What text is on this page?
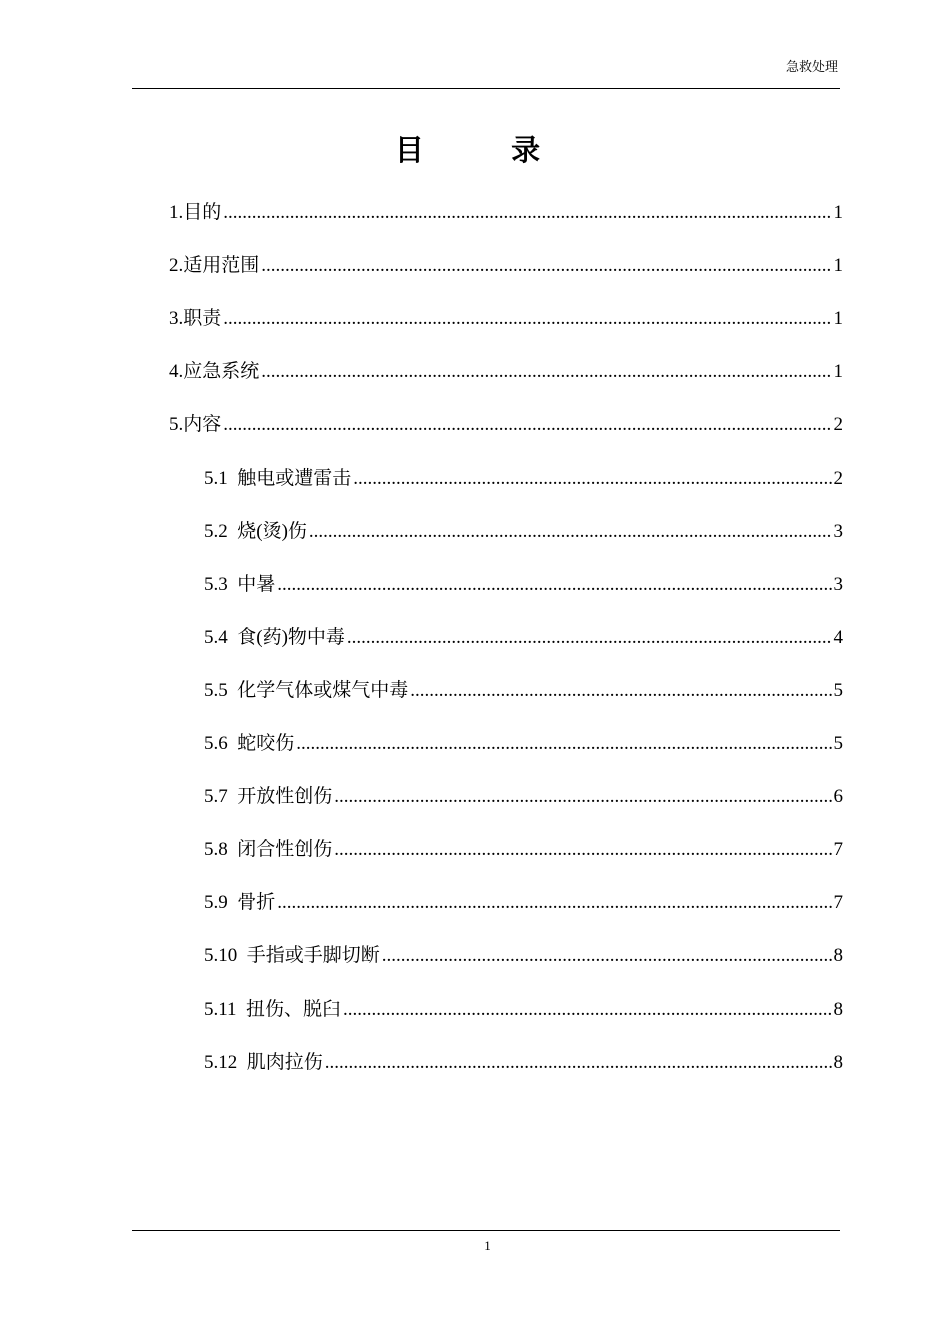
急救处理
目 录
1.目的 .....	1
2.适用范围 .....	1
3.职责 .....	1
4.应急系统 .....	1
5.内容 .....	2
5.1  触电或遭雷击 .....	2
5.2  烧(烫)伤 .....	3
5.3  中暑 .....	3
5.4  食(药)物中毒 .....	4
5.5  化学气体或煤气中毒 .....	5
5.6  蛇咬伤 .....	5
5.7  开放性创伤 .....	6
5.8  闭合性创伤 .....	7
5.9  骨折 .....	7
5.10  手指或手脚切断 .....	8
5.11  扭伤、脱臼 .....	8
5.12  肌肉拉伤 .....	8
1
